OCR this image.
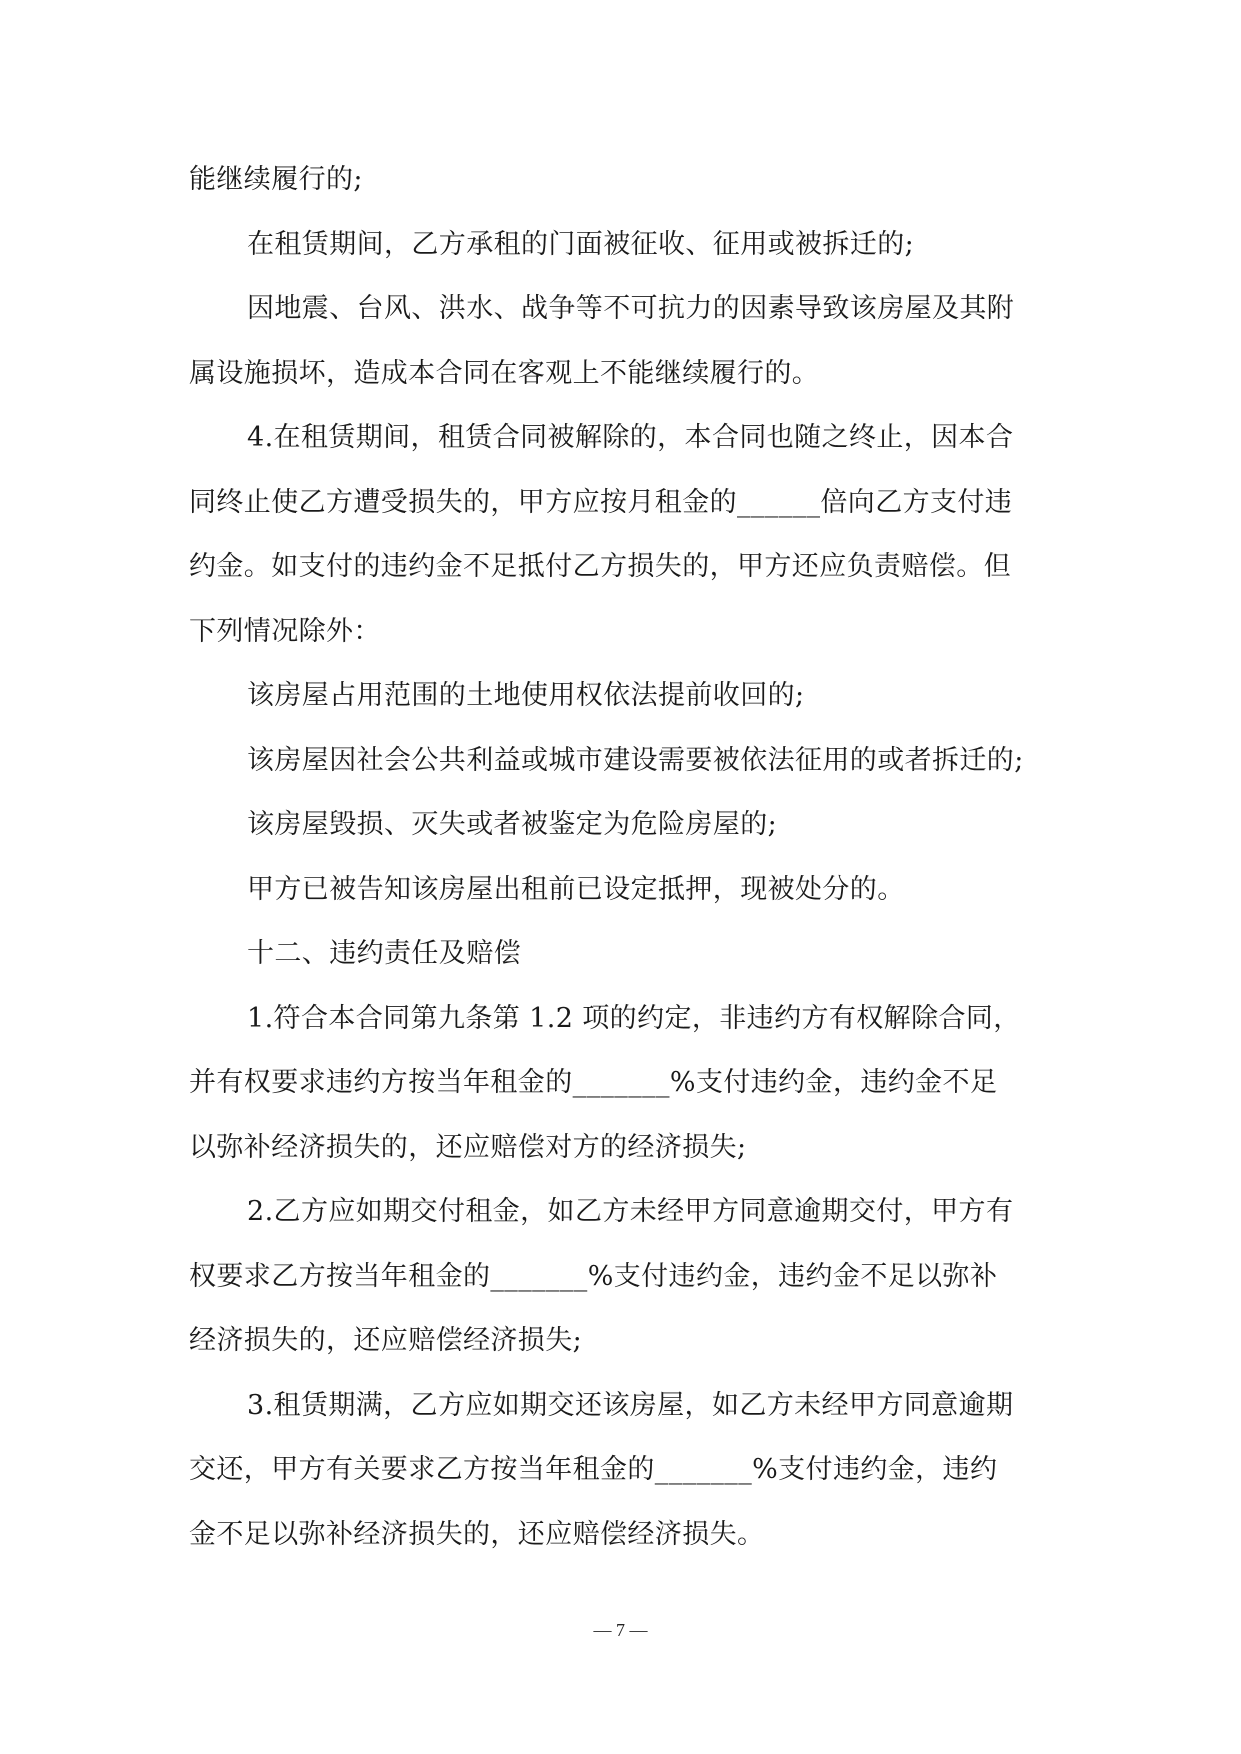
能继续履行的;
在租赁期间，乙方承租的门面被征收、征用或被拆迁的;
因地震、台风、洪水、战争等不可抗力的因素导致该房屋及其附
属设施损坏，造成本合同在客观上不能继续履行的。
4.在租赁期间，租赁合同被解除的，本合同也随之终止，因本合
同终止使乙方遭受损失的，甲方应按月租金的______倍向乙方支付违
约金。如支付的违约金不足抵付乙方损失的，甲方还应负责赔偿。但
下列情况除外：
该房屋占用范围的土地使用权依法提前收回的;
该房屋因社会公共利益或城市建设需要被依法征用的或者拆迁的;
该房屋毁损、灭失或者被鉴定为危险房屋的;
甲方已被告知该房屋出租前已设定抵押，现被处分的。
十二、违约责任及赔偿
1.符合本合同第九条第 1.2 项的约定，非违约方有权解除合同，
并有权要求违约方按当年租金的_______%支付违约金，违约金不足
以弥补经济损失的，还应赔偿对方的经济损失;
2.乙方应如期交付租金，如乙方未经甲方同意逾期交付，甲方有
权要求乙方按当年租金的_______%支付违约金，违约金不足以弥补
经济损失的，还应赔偿经济损失;
3.租赁期满，乙方应如期交还该房屋，如乙方未经甲方同意逾期
交还，甲方有关要求乙方按当年租金的_______%支付违约金，违约
金不足以弥补经济损失的，还应赔偿经济损失。
— 7 —
